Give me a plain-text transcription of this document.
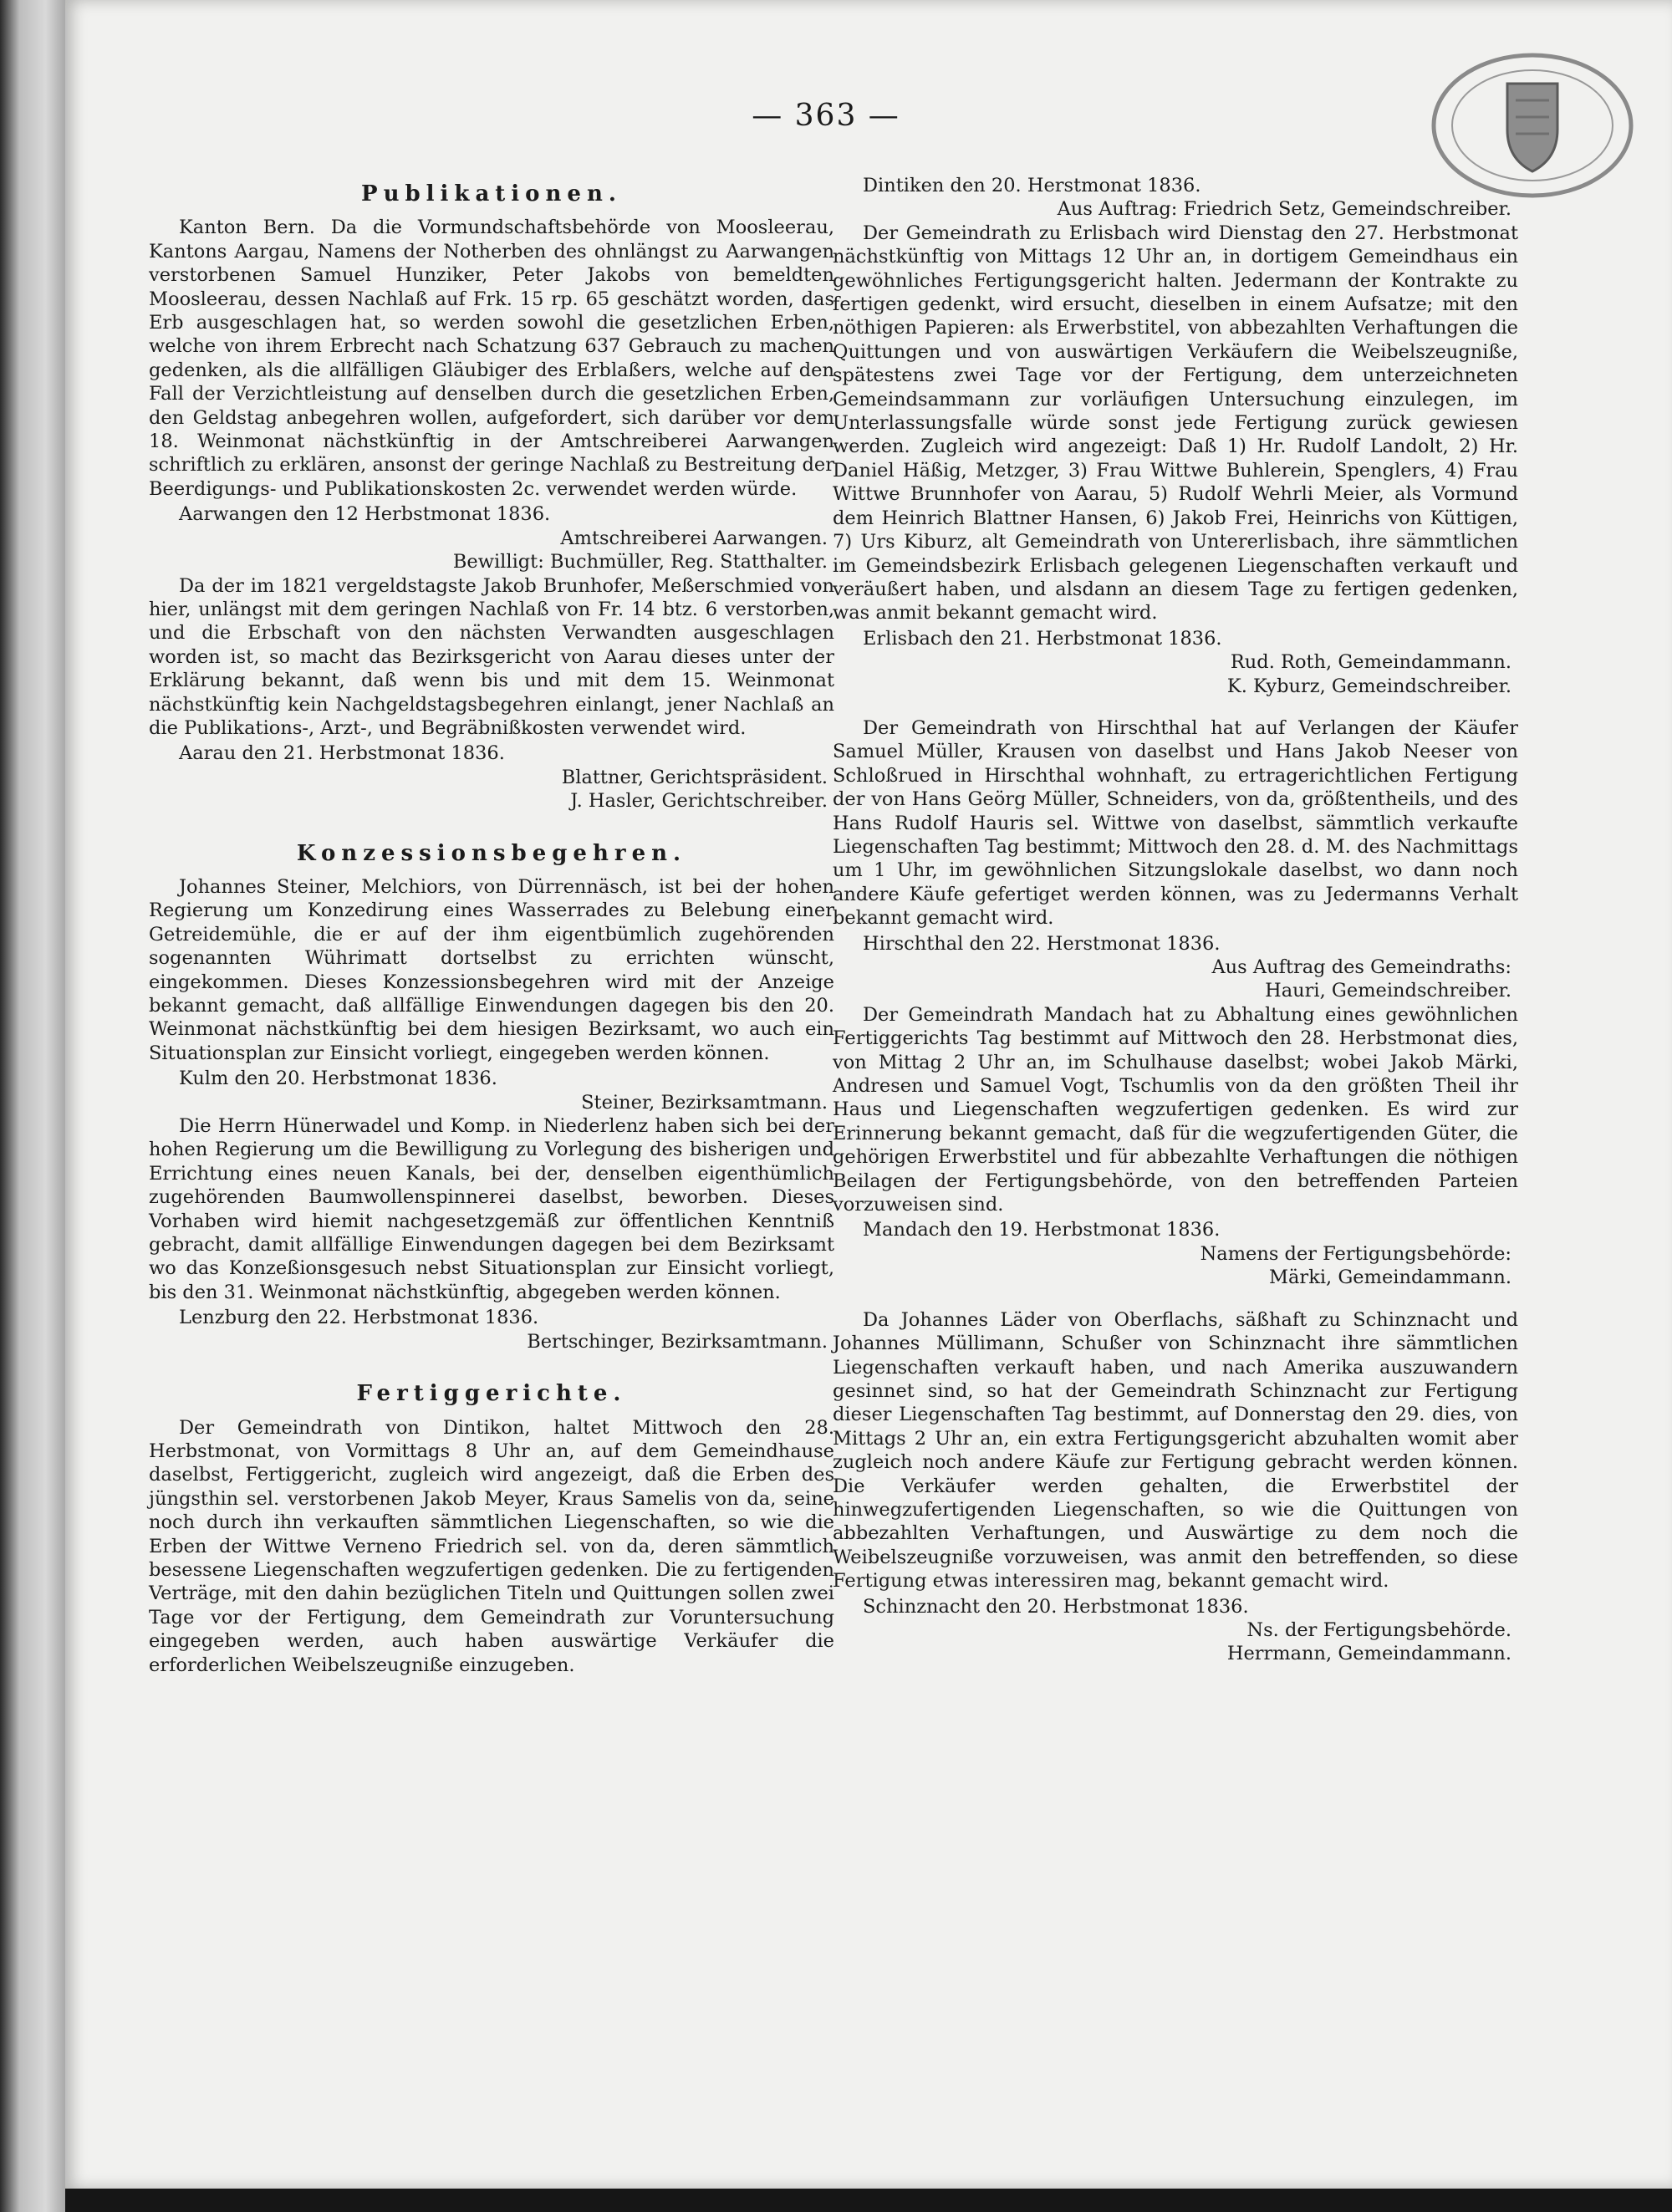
— 363 —
Publikationen.

Kanton Bern. Da die Vormundschaftsbehörde von Moosleerau, Kantons Aargau, Namens der Notherben des ohnlängst zu Aarwangen verstorbenen Samuel Hunziker, Peter Jakobs von bemeldten Moosleerau, dessen Nachlaß auf Frk. 15 rp. 65 geschätzt worden, das Erb ausgeschlagen hat, so werden sowohl die gesetzlichen Erben, welche von ihrem Erbrecht nach Schatzung 637 Gebrauch zu machen gedenken, als die allfälligen Gläubiger des Erblaßers, welche auf den Fall der Verzichtleistung auf denselben durch die gesetzlichen Erben, den Geldstag anbegehren wollen, aufgefordert, sich darüber vor dem 18. Weinmonat nächstkünftig in der Amtschreiberei Aarwangen schriftlich zu erklären, ansonst der geringe Nachlaß zu Bestreitung der Beerdigungs- und Publikationskosten 2c. verwendet werden würde.

Aarwangen den 12 Herbstmonat 1836.

Amtschreiberei Aarwangen.
Bewilligt: Buchmüller, Reg. Statthalter.

Da der im 1821 vergeldstagste Jakob Brunhofer, Meßerschmied von hier, unlängst mit dem geringen Nachlaß von Fr. 14 btz. 6 verstorben, und die Erbschaft von den nächsten Verwandten ausgeschlagen worden ist, so macht das Bezirksgericht von Aarau dieses unter der Erklärung bekannt, daß wenn bis und mit dem 15. Weinmonat nächstkünftig kein Nachgeldstagsbegehren einlangt, jener Nachlaß an die Publikations-, Arzt-, und Begräbnißkosten verwendet wird.

Aarau den 21. Herbstmonat 1836.

Blattner, Gerichtspräsident.
J. Hasler, Gerichtschreiber.
Konzessionsbegehren.

Johannes Steiner, Melchiors, von Dürrennäsch, ist bei der hohen Regierung um Konzedirung eines Wasserrades zu Belebung einer Getreidemühle, die er auf der ihm eigentbümlich zugehörenden sogenannten Wührimatt dortselbst zu errichten wünscht, eingekommen. Dieses Konzessionsbegehren wird mit der Anzeige bekannt gemacht, daß allfällige Einwendungen dagegen bis den 20. Weinmonat nächstkünftig bei dem hiesigen Bezirksamt, wo auch ein Situationsplan zur Einsicht vorliegt, eingegeben werden können.

Kulm den 20. Herbstmonat 1836.

Steiner, Bezirksamtmann.

Die Herrn Hünerwadel und Komp. in Niederlenz haben sich bei der hohen Regierung um die Bewilligung zu Vorlegung des bisherigen und Errichtung eines neuen Kanals, bei der, denselben eigenthümlich zugehörenden Baumwollenspinnerei daselbst, beworben. Dieses Vorhaben wird hiemit nachgesetzgemäß zur öffentlichen Kenntniß gebracht, damit allfällige Einwendungen dagegen bei dem Bezirksamt wo das Konzeßionsgesuch nebst Situationsplan zur Einsicht vorliegt, bis den 31. Weinmonat nächstkünftig, abgegeben werden können.

Lenzburg den 22. Herbstmonat 1836.

Bertschinger, Bezirksamtmann.
Fertiggerichte.

Der Gemeindrath von Dintikon, haltet Mittwoch den 28. Herbstmonat, von Vormittags 8 Uhr an, auf dem Gemeindhause daselbst, Fertiggericht, zugleich wird angezeigt, daß die Erben des jüngsthin sel. verstorbenen Jakob Meyer, Kraus Samelis von da, seine noch durch ihn verkauften sämmtlichen Liegenschaften, so wie die Erben der Wittwe Verneno Friedrich sel. von da, deren sämmtlich besessene Liegenschaften wegzufertigen gedenken. Die zu fertigenden Verträge, mit den dahin bezüglichen Titeln und Quittungen sollen zwei Tage vor der Fertigung, dem Gemeindrath zur Voruntersuchung eingegeben werden, auch haben auswärtige Verkäufer die erforderlichen Weibelszeugniße einzugeben.

Dintiken den 20. Herstmonat 1836.

Aus Auftrag: Friedrich Setz, Gemeindschreiber.

Der Gemeindrath zu Erlisbach wird Dienstag den 27. Herbstmonat nächstkünftig von Mittags 12 Uhr an, in dortigem Gemeindhaus ein gewöhnliches Fertigungsgericht halten. Jedermann der Kontrakte zu fertigen gedenkt, wird ersucht, dieselben in einem Aufsatze; mit den nöthigen Papieren: als Erwerbstitel, von abbezahlten Verhaftungen die Quittungen und von auswärtigen Verkäufern die Weibelszeugniße, spätestens zwei Tage vor der Fertigung, dem unterzeichneten Gemeindsammann zur vorläufigen Untersuchung einzulegen, im Unterlassungsfalle würde sonst jede Fertigung zurück gewiesen werden. Zugleich wird angezeigt: Daß 1) Hr. Rudolf Landolt, 2) Hr. Daniel Häßig, Metzger, 3) Frau Wittwe Buhlerein, Spenglers, 4) Frau Wittwe Brunnhofer von Aarau, 5) Rudolf Wehrli Meier, als Vormund dem Heinrich Blattner Hansen, 6) Jakob Frei, Heinrichs von Küttigen, 7) Urs Kiburz, alt Gemeindrath von Untererlisbach, ihre sämmtlichen im Gemeindsbezirk Erlisbach gelegenen Liegenschaften verkauft und veräußert haben, und alsdann an diesem Tage zu fertigen gedenken, was anmit bekannt gemacht wird.

Erlisbach den 21. Herbstmonat 1836.

Rud. Roth, Gemeindammann.
K. Kyburz, Gemeindschreiber.

Der Gemeindrath von Hirschthal hat auf Verlangen der Käufer Samuel Müller, Krausen von daselbst und Hans Jakob Neeser von Schloßrued in Hirschthal wohnhaft, zu ertragerichtlichen Fertigung der von Hans Geörg Müller, Schneiders, von da, größtentheils, und des Hans Rudolf Hauris sel. Wittwe von daselbst, sämmtlich verkaufte Liegenschaften Tag bestimmt; Mittwoch den 28. d. M. des Nachmittags um 1 Uhr, im gewöhnlichen Sitzungslokale daselbst, wo dann noch andere Käufe gefertiget werden können, was zu Jedermanns Verhalt bekannt gemacht wird.

Hirschthal den 22. Herstmonat 1836.

Aus Auftrag des Gemeindraths:
Hauri, Gemeindschreiber.

Der Gemeindrath Mandach hat zu Abhaltung eines gewöhnlichen Fertiggerichts Tag bestimmt auf Mittwoch den 28. Herbstmonat dies, von Mittag 2 Uhr an, im Schulhause daselbst; wobei Jakob Märki, Andresen und Samuel Vogt, Tschumlis von da den größten Theil ihr Haus und Liegenschaften wegzufertigen gedenken. Es wird zur Erinnerung bekannt gemacht, daß für die wegzufertigenden Güter, die gehörigen Erwerbstitel und für abbezahlte Verhaftungen die nöthigen Beilagen der Fertigungsbehörde, von den betreffenden Parteien vorzuweisen sind.

Mandach den 19. Herbstmonat 1836.

Namens der Fertigungsbehörde:
Märki, Gemeindammann.

Da Johannes Läder von Oberflachs, säßhaft zu Schinznacht und Johannes Müllimann, Schußer von Schinznacht ihre sämmtlichen Liegenschaften verkauft haben, und nach Amerika auszuwandern gesinnet sind, so hat der Gemeindrath Schinznacht zur Fertigung dieser Liegenschaften Tag bestimmt, auf Donnerstag den 29. dies, von Mittags 2 Uhr an, ein extra Fertigungsgericht abzuhalten womit aber zugleich noch andere Käufe zur Fertigung gebracht werden können. Die Verkäufer werden gehalten, die Erwerbstitel der hinwegzufertigenden Liegenschaften, so wie die Quittungen von abbezahlten Verhaftungen, und Auswärtige zu dem noch die Weibelszeugniße vorzuweisen, was anmit den betreffenden, so diese Fertigung etwas interessiren mag, bekannt gemacht wird.

Schinznacht den 20. Herbstmonat 1836.

Ns. der Fertigungsbehörde.
Herrmann, Gemeindammann.
